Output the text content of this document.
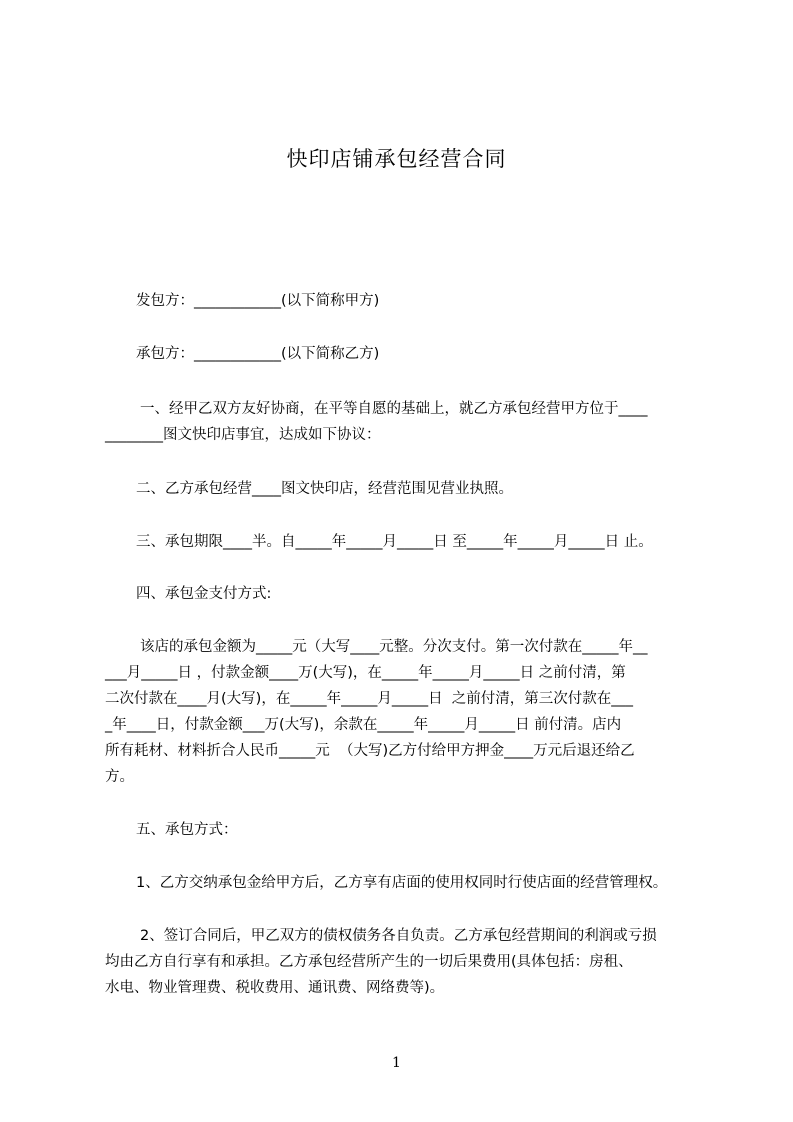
快印店铺承包经营合同
发包方：____________(以下简称甲方)
承包方：____________(以下简称乙方)
一、经甲乙双方友好协商，在平等自愿的基础上，就乙方承包经营甲方位于____
________图文快印店事宜，达成如下协议：
二、乙方承包经营____图文快印店，经营范围见营业执照。
三、承包期限____半。自_____年_____月_____日 至_____年_____月_____日 止。
四、承包金支付方式:
该店的承包金额为_____元（大写____元整。分次支付。第一次付款在_____年__
___月_____日 ，付款金额____万(大写)，在_____年_____月_____日 之前付清，第
二次付款在____月(大写)，在_____年_____月_____日  之前付清，第三次付款在___
_年____日，付款金额___万(大写)，余款在_____年_____月_____日 前付清。店内
所有耗材、材料折合人民币_____元  （大写)乙方付给甲方押金____万元后退还给乙
方。
五、承包方式：
1、乙方交纳承包金给甲方后，乙方享有店面的使用权同时行使店面的经营管理权。
2、签订合同后，甲乙双方的债权债务各自负责。乙方承包经营期间的利润或亏损
均由乙方自行享有和承担。乙方承包经营所产生的一切后果费用(具体包括：房租、
水电、物业管理费、税收费用、通讯费、网络费等)。
1
